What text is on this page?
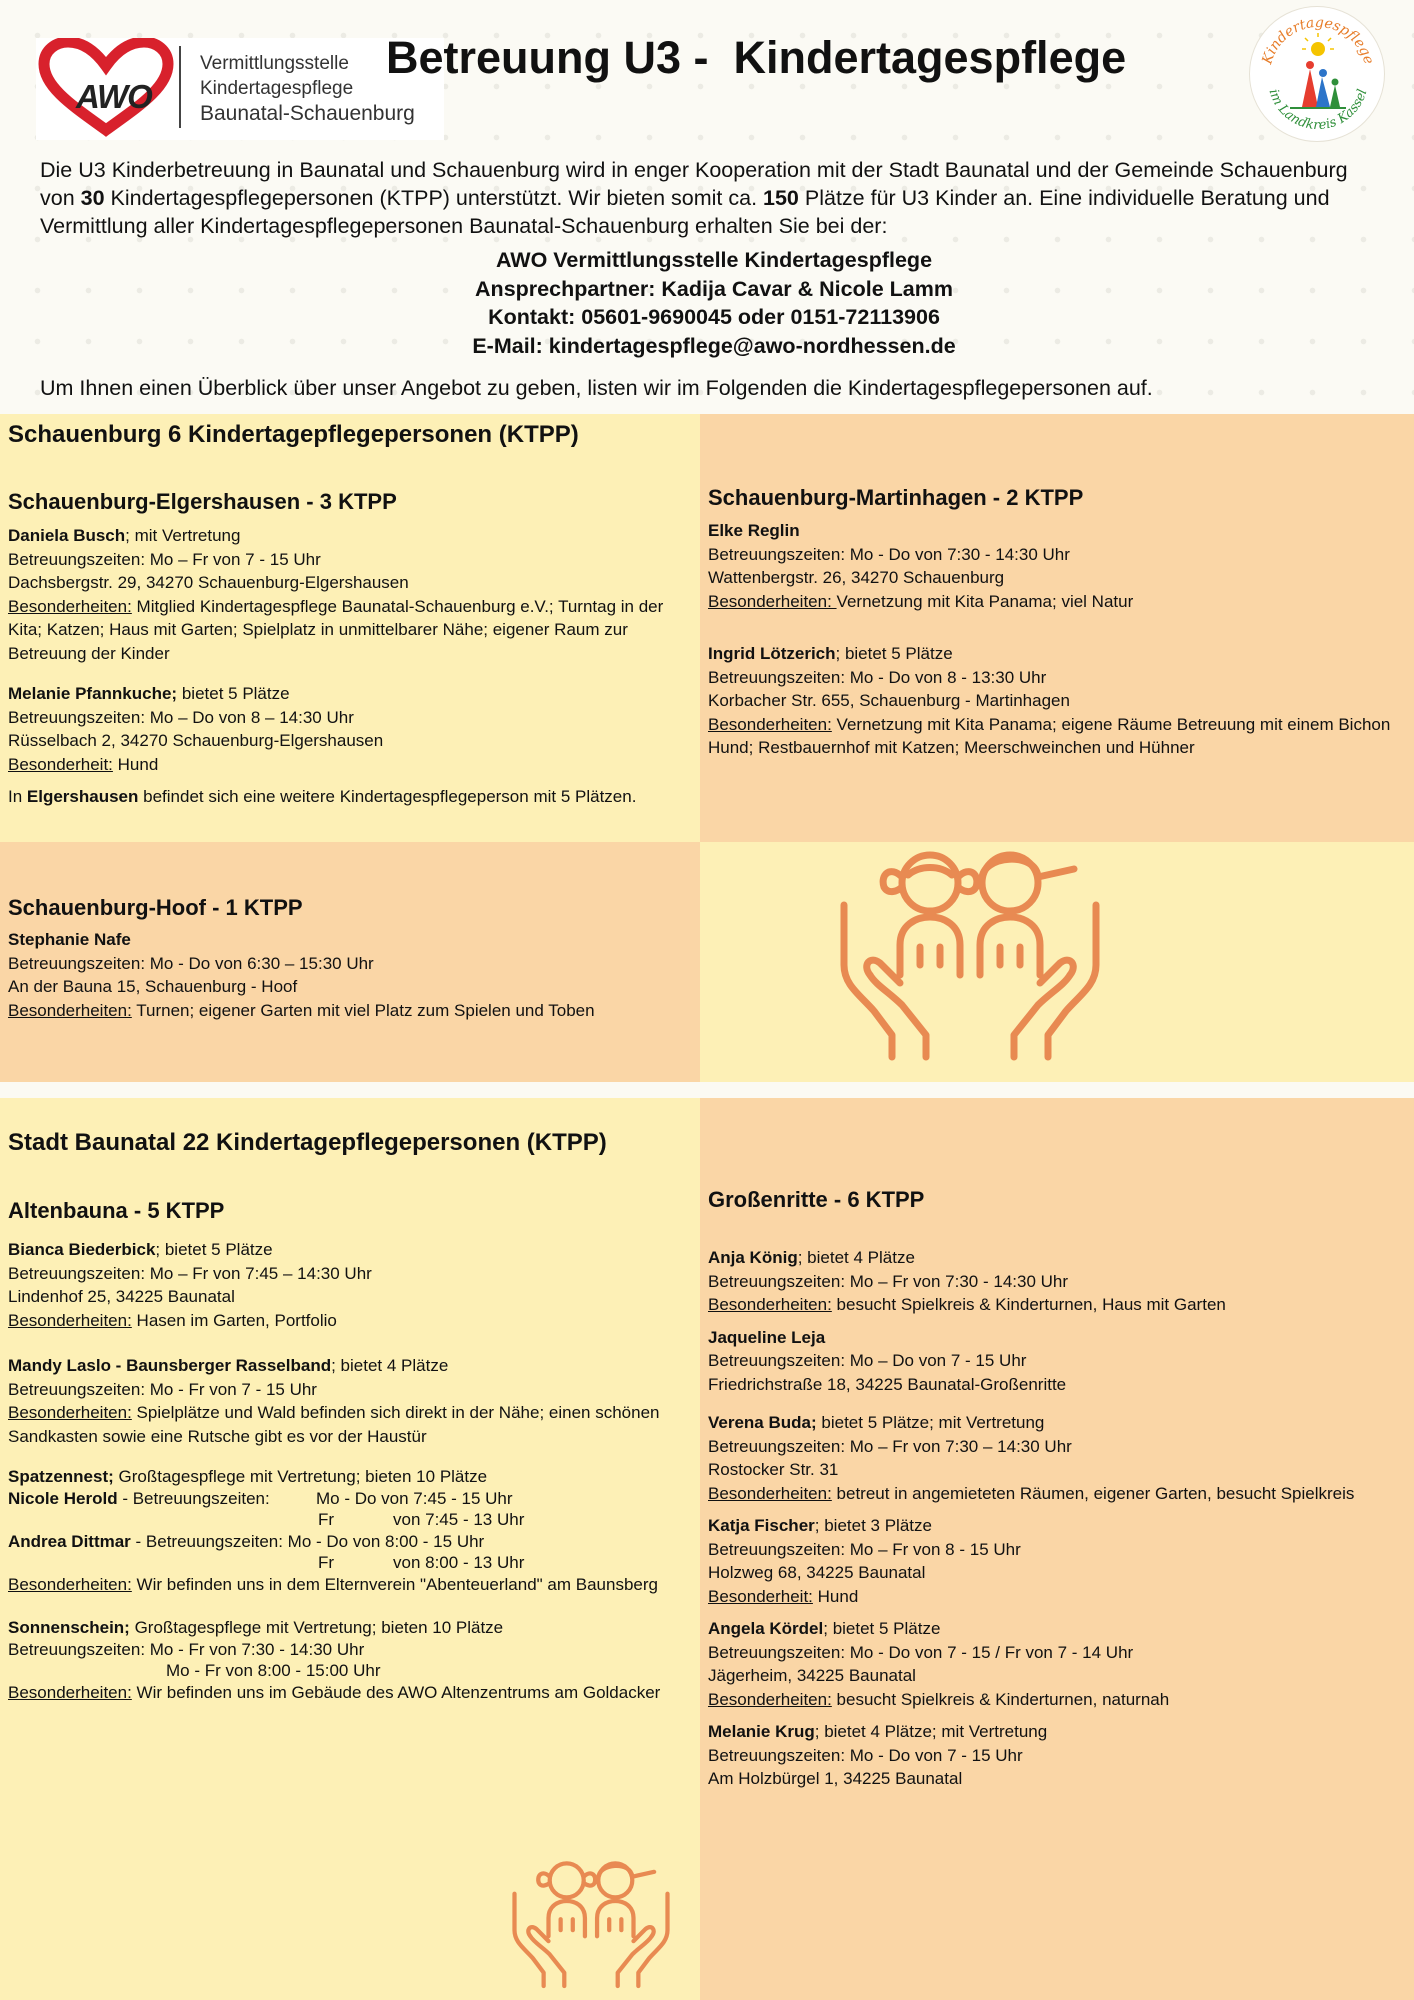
AWO
Vermittlungsstelle
Kindertagespflege
Baunatal-Schauenburg
Betreuung U3 -  Kindertagespflege	Kindertagespflege
im Landkreis Kassel
Die U3 Kinderbetreuung in Baunatal und Schauenburg wird in enger Kooperation mit der Stadt Baunatal und der Gemeinde Schauenburg von 30 Kindertagespflegepersonen (KTPP) unterstützt. Wir bieten somit ca. 150 Plätze für U3 Kinder an. Eine individuelle Beratung und Vermittlung aller Kindertagespflegepersonen Baunatal-Schauenburg erhalten Sie bei der:
AWO Vermittlungsstelle Kindertagespflege
Ansprechpartner: Kadija Cavar & Nicole Lamm
Kontakt: 05601-9690045 oder 0151-72113906
E-Mail: kindertagespflege@awo-nordhessen.de
Um Ihnen einen Überblick über unser Angebot zu geben, listen wir im Folgenden die Kindertagespflegepersonen auf.
Schauenburg 6 Kindertagepflegepersonen (KTPP)
Schauenburg-Elgershausen - 3 KTPP
Daniela Busch; mit Vertretung
Betreuungszeiten: Mo – Fr von 7 - 15 Uhr
Dachsbergstr. 29, 34270 Schauenburg-Elgershausen
Besonderheiten: Mitglied Kindertagespflege Baunatal-Schauenburg e.V.; Turntag in der Kita; Katzen; Haus mit Garten; Spielplatz in unmittelbarer Nähe; eigener Raum zur Betreuung der Kinder
Melanie Pfannkuche; bietet 5 Plätze
Betreuungszeiten: Mo – Do von 8 – 14:30 Uhr
Rüsselbach 2, 34270 Schauenburg-Elgershausen
Besonderheit: Hund
In Elgershausen befindet sich eine weitere Kindertagespflegeperson mit 5 Plätzen.
Schauenburg-Martinhagen - 2 KTPP
Elke Reglin
Betreuungszeiten: Mo - Do von 7:30 - 14:30 Uhr
Wattenbergstr. 26, 34270 Schauenburg
Besonderheiten: Vernetzung mit Kita Panama; viel Natur
Ingrid Lötzerich; bietet 5 Plätze
Betreuungszeiten: Mo - Do von 8 - 13:30 Uhr
Korbacher Str. 655, Schauenburg - Martinhagen
Besonderheiten: Vernetzung mit Kita Panama; eigene Räume Betreuung mit einem Bichon Hund; Restbauernhof mit Katzen; Meerschweinchen und Hühner
Schauenburg-Hoof - 1 KTPP
Stephanie Nafe
Betreuungszeiten: Mo - Do von 6:30 – 15:30 Uhr
An der Bauna 15, Schauenburg - Hoof
Besonderheiten: Turnen; eigener Garten mit viel Platz zum Spielen und Toben
Stadt Baunatal 22 Kindertagepflegepersonen (KTPP)
Altenbauna - 5 KTPP
Bianca Biederbick; bietet 5 Plätze
Betreuungszeiten: Mo – Fr von 7:45 – 14:30 Uhr
Lindenhof 25, 34225 Baunatal
Besonderheiten: Hasen im Garten, Portfolio
Mandy Laslo - Baunsberger Rasselband; bietet 4 Plätze
Betreuungszeiten: Mo - Fr von 7 - 15 Uhr
Besonderheiten: Spielplätze und Wald befinden sich direkt in der Nähe; einen schönen Sandkasten sowie eine Rutsche gibt es vor der Haustür
Spatzennest; Großtagespflege mit Vertretung; bieten 10 Plätze
Nicole Herold - Betreuungszeiten:	Mo - Do von 7:45 - 15 Uhr
Fr	von 7:45 - 13 Uhr
Andrea Dittmar - Betreuungszeiten: Mo - Do von 8:00 - 15 Uhr
Fr	von 8:00 - 13 Uhr
Besonderheiten: Wir befinden uns in dem Elternverein "Abenteuerland" am Baunsberg
Sonnenschein; Großtagespflege mit Vertretung; bieten 10 Plätze
Betreuungszeiten: Mo - Fr von 7:30 - 14:30 Uhr
Mo - Fr von 8:00 - 15:00 Uhr
Besonderheiten: Wir befinden uns im Gebäude des AWO Altenzentrums am Goldacker
Großenritte - 6 KTPP
Anja König; bietet 4 Plätze
Betreuungszeiten: Mo – Fr von 7:30 - 14:30 Uhr
Besonderheiten: besucht Spielkreis & Kinderturnen, Haus mit Garten
Jaqueline Leja
Betreuungszeiten: Mo – Do von 7 - 15 Uhr
Friedrichstraße 18, 34225 Baunatal-Großenritte
Verena Buda; bietet 5 Plätze; mit Vertretung
Betreuungszeiten: Mo – Fr von 7:30 – 14:30 Uhr
Rostocker Str. 31
Besonderheiten: betreut in angemieteten Räumen, eigener Garten, besucht Spielkreis
Katja Fischer; bietet 3 Plätze
Betreuungszeiten: Mo – Fr von 8 - 15 Uhr
Holzweg 68, 34225 Baunatal
Besonderheit: Hund
Angela Kördel; bietet 5 Plätze
Betreuungszeiten: Mo - Do von 7 - 15 / Fr von 7 - 14 Uhr
Jägerheim, 34225 Baunatal
Besonderheiten: besucht Spielkreis & Kinderturnen, naturnah
Melanie Krug; bietet 4 Plätze; mit Vertretung
Betreuungszeiten: Mo - Do von 7 - 15 Uhr
Am Holzbürgel 1, 34225 Baunatal
